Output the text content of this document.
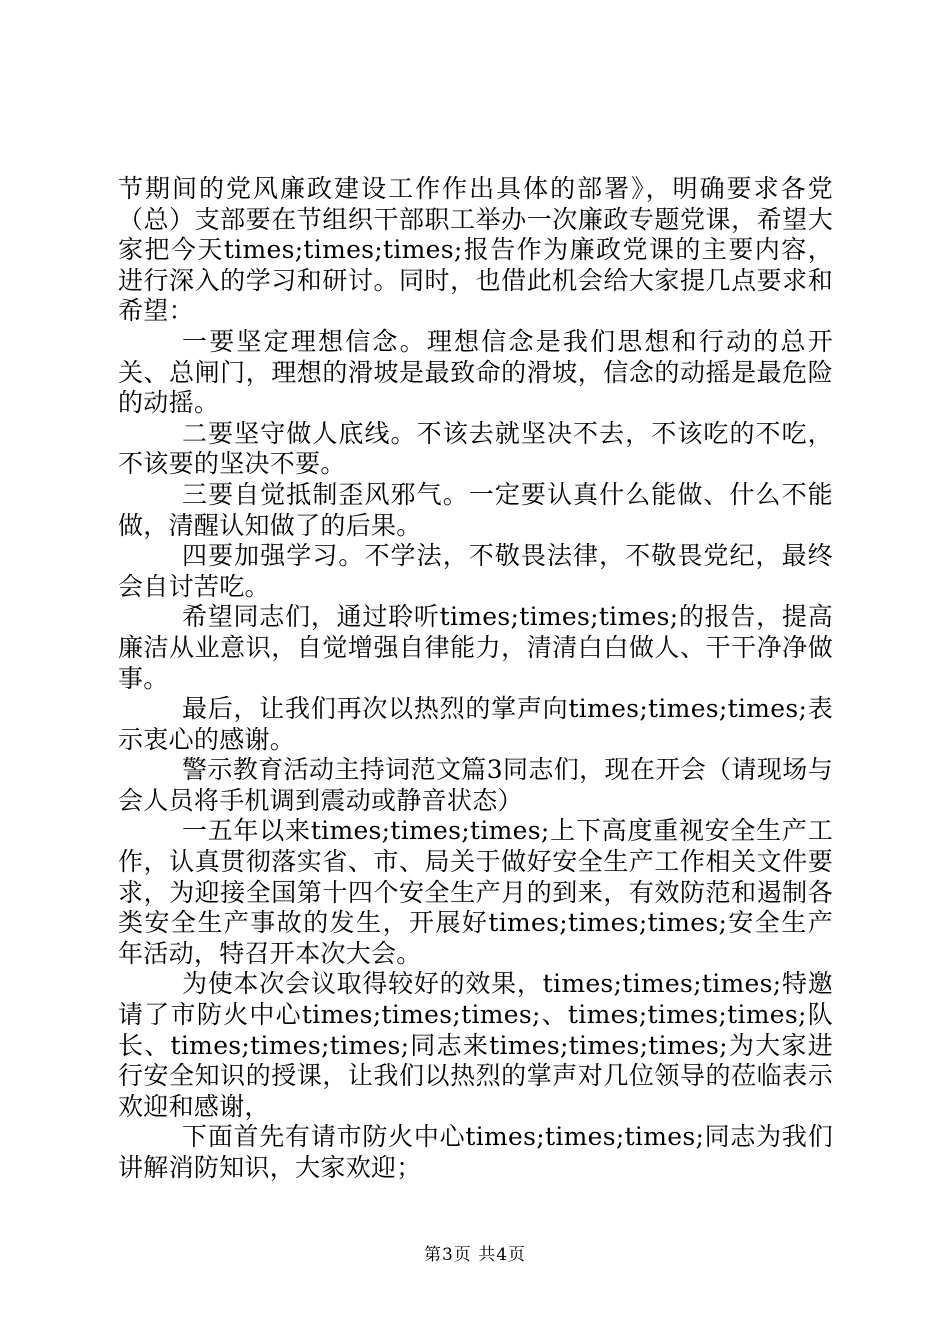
节期间的党风廉政建设工作作出具体的部署》，明确要求各党（总）支部要在节组织干部职工举办一次廉政专题党课，希望大家把今天times;times;times;报告作为廉政党课的主要内容，进行深入的学习和研讨。同时，也借此机会给大家提几点要求和希望：

一要坚定理想信念。理想信念是我们思想和行动的总开关、总闸门，理想的滑坡是最致命的滑坡，信念的动摇是最危险的动摇。

二要坚守做人底线。不该去就坚决不去，不该吃的不吃，不该要的坚决不要。

三要自觉抵制歪风邪气。一定要认真什么能做、什么不能做，清醒认知做了的后果。

四要加强学习。不学法，不敬畏法律，不敬畏党纪，最终会自讨苦吃。

希望同志们，通过聆听times;times;times;的报告，提高廉洁从业意识，自觉增强自律能力，清清白白做人、干干净净做事。

最后，让我们再次以热烈的掌声向times;times;times;表示衷心的感谢。

警示教育活动主持词范文篇3同志们，现在开会（请现场与会人员将手机调到震动或静音状态）

一五年以来times;times;times;上下高度重视安全生产工作，认真贯彻落实省、市、局关于做好安全生产工作相关文件要求，为迎接全国第十四个安全生产月的到来，有效防范和遏制各类安全生产事故的发生，开展好times;times;times;安全生产年活动，特召开本次大会。

为使本次会议取得较好的效果，times;times;times;特邀请了市防火中心times;times;times;、times;times;times;队长、times;times;times;同志来times;times;times;为大家进行安全知识的授课，让我们以热烈的掌声对几位领导的莅临表示欢迎和感谢，

下面首先有请市防火中心times;times;times;同志为我们讲解消防知识，大家欢迎；

第3页 共4页
